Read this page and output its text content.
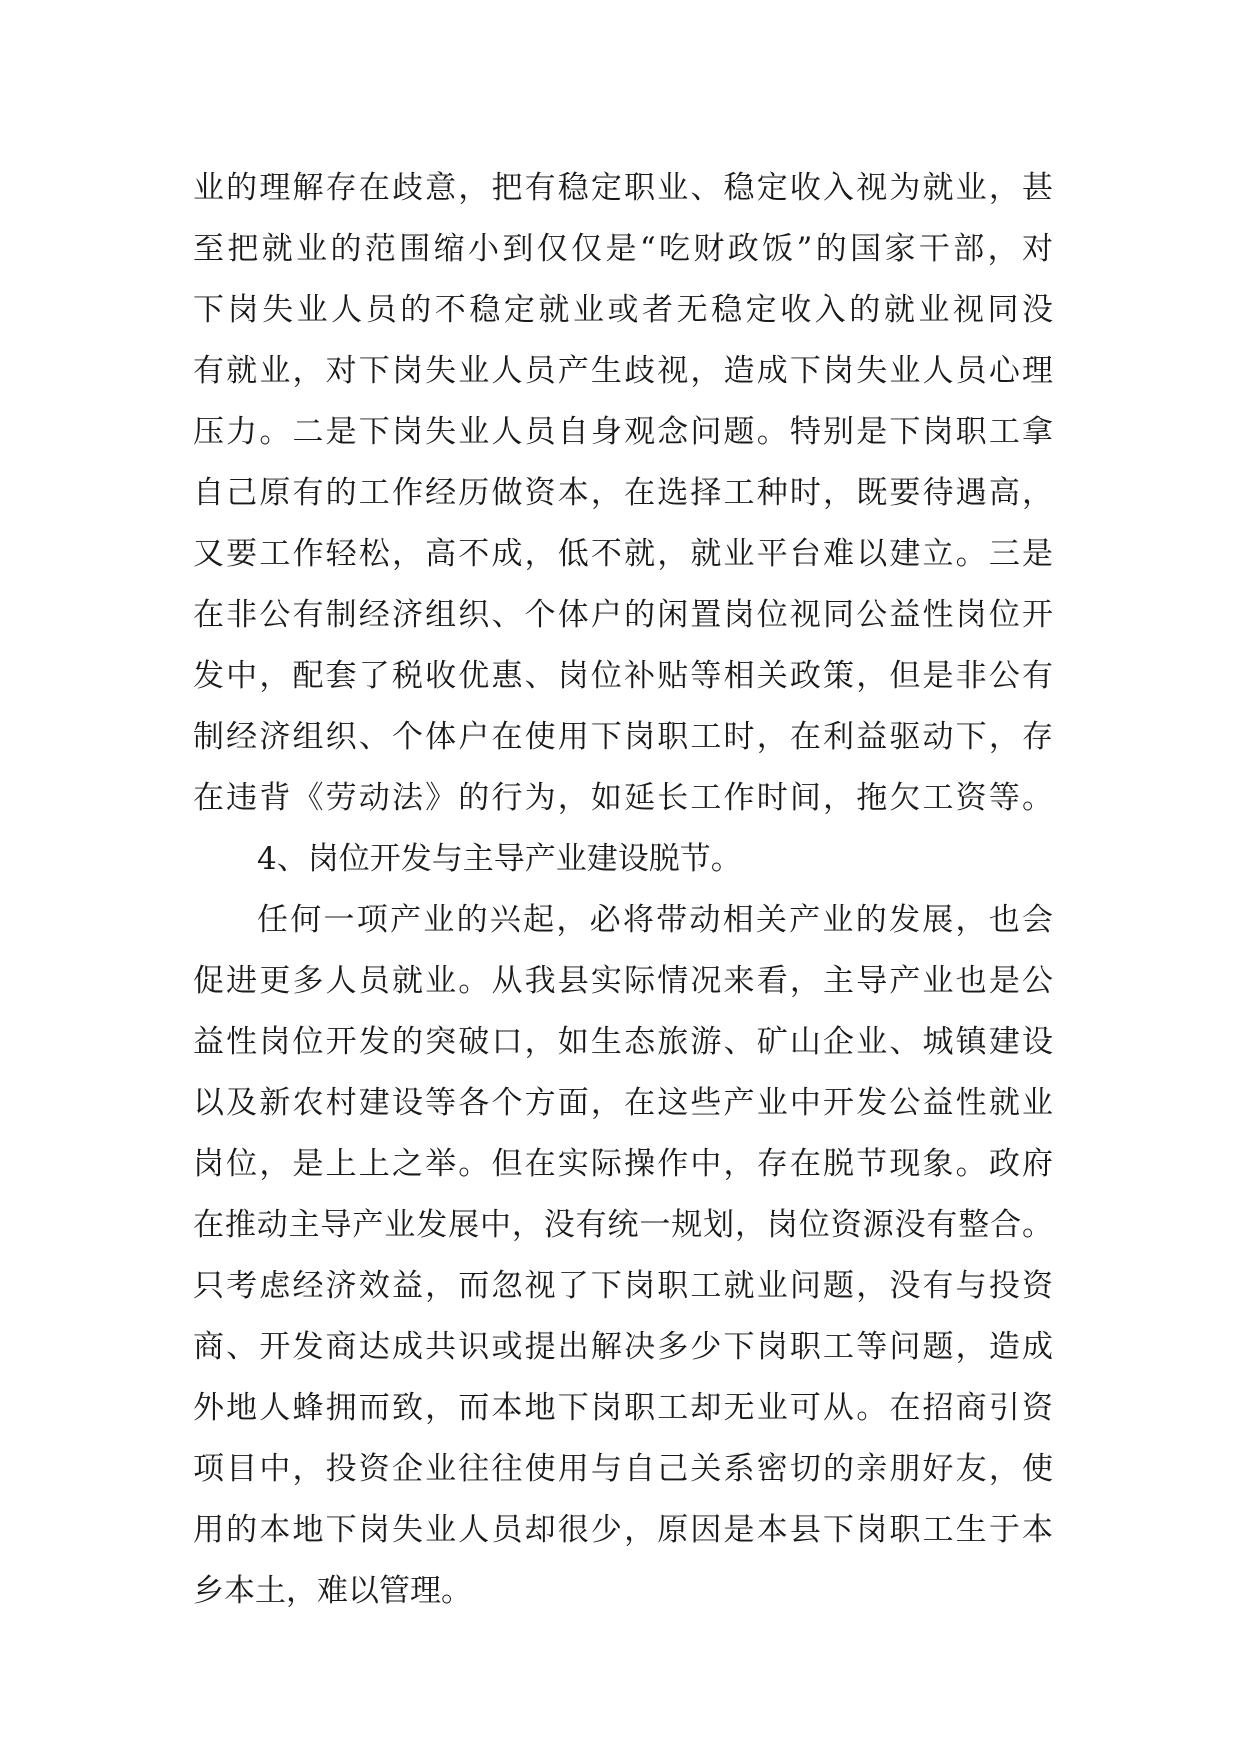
业的理解存在歧意，把有稳定职业、稳定收入视为就业，甚
至把就业的范围缩小到仅仅是“吃财政饭”的国家干部，对
下岗失业人员的不稳定就业或者无稳定收入的就业视同没
有就业，对下岗失业人员产生歧视，造成下岗失业人员心理
压力。二是下岗失业人员自身观念问题。特别是下岗职工拿
自己原有的工作经历做资本，在选择工种时，既要待遇高，
又要工作轻松，高不成，低不就，就业平台难以建立。三是
在非公有制经济组织、个体户的闲置岗位视同公益性岗位开
发中，配套了税收优惠、岗位补贴等相关政策，但是非公有
制经济组织、个体户在使用下岗职工时，在利益驱动下，存
在违背《劳动法》的行为，如延长工作时间，拖欠工资等。
4、岗位开发与主导产业建设脱节。
任何一项产业的兴起，必将带动相关产业的发展，也会
促进更多人员就业。从我县实际情况来看，主导产业也是公
益性岗位开发的突破口，如生态旅游、矿山企业、城镇建设
以及新农村建设等各个方面，在这些产业中开发公益性就业
岗位，是上上之举。但在实际操作中，存在脱节现象。政府
在推动主导产业发展中，没有统一规划，岗位资源没有整合。
只考虑经济效益，而忽视了下岗职工就业问题，没有与投资
商、开发商达成共识或提出解决多少下岗职工等问题，造成
外地人蜂拥而致，而本地下岗职工却无业可从。在招商引资
项目中，投资企业往往使用与自己关系密切的亲朋好友，使
用的本地下岗失业人员却很少，原因是本县下岗职工生于本
乡本土，难以管理。
